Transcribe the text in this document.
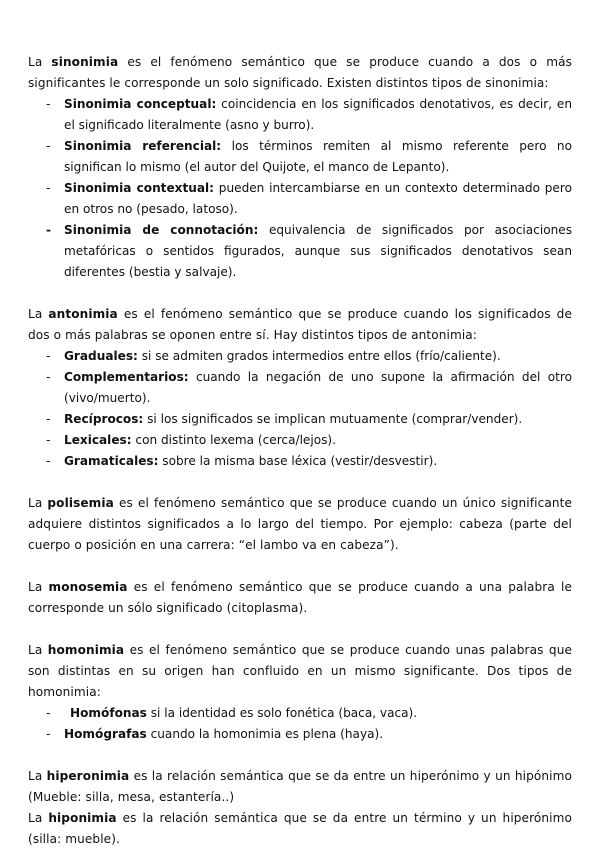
La sinonimia es el fenómeno semántico que se produce cuando a dos o más significantes le corresponde un solo significado. Existen distintos tipos de sinonimia:

- Sinonimia conceptual: coincidencia en los significados denotativos, es decir, en el significado literalmente (asno y burro).
- Sinonimia referencial: los términos remiten al mismo referente pero no significan lo mismo (el autor del Quijote, el manco de Lepanto).
- Sinonimia contextual: pueden intercambiarse en un contexto determinado pero en otros no (pesado, latoso).
- Sinonimia de connotación: equivalencia de significados por asociaciones metafóricas o sentidos figurados, aunque sus significados denotativos sean diferentes (bestia y salvaje).

La antonimia es el fenómeno semántico que se produce cuando los significados de dos o más palabras se oponen entre sí. Hay distintos tipos de antonimia:

- Graduales: si se admiten grados intermedios entre ellos (frío/caliente).
- Complementarios: cuando la negación de uno supone la afirmación del otro (vivo/muerto).
- Recíprocos: si los significados se implican mutuamente (comprar/vender).
- Lexicales: con distinto lexema (cerca/lejos).
- Gramaticales: sobre la misma base léxica (vestir/desvestir).

La polisemia es el fenómeno semántico que se produce cuando un único significante adquiere distintos significados a lo largo del tiempo. Por ejemplo: cabeza (parte del cuerpo o posición en una carrera: “el lambo va en cabeza”).

La monosemia es el fenómeno semántico que se produce cuando a una palabra le corresponde un sólo significado (citoplasma).

La homonimia es el fenómeno semántico que se produce cuando unas palabras que son distintas en su origen han confluido en un mismo significante. Dos tipos de homonimia:

- Homófonas si la identidad es solo fonética (baca, vaca).
- Homógrafas cuando la homonimia es plena (haya).

La hiperonimia es la relación semántica que se da entre un hiperónimo y un hipónimo (Mueble: silla, mesa, estantería..)

La hiponimia es la relación semántica que se da entre un término y un hiperónimo (silla: mueble).
